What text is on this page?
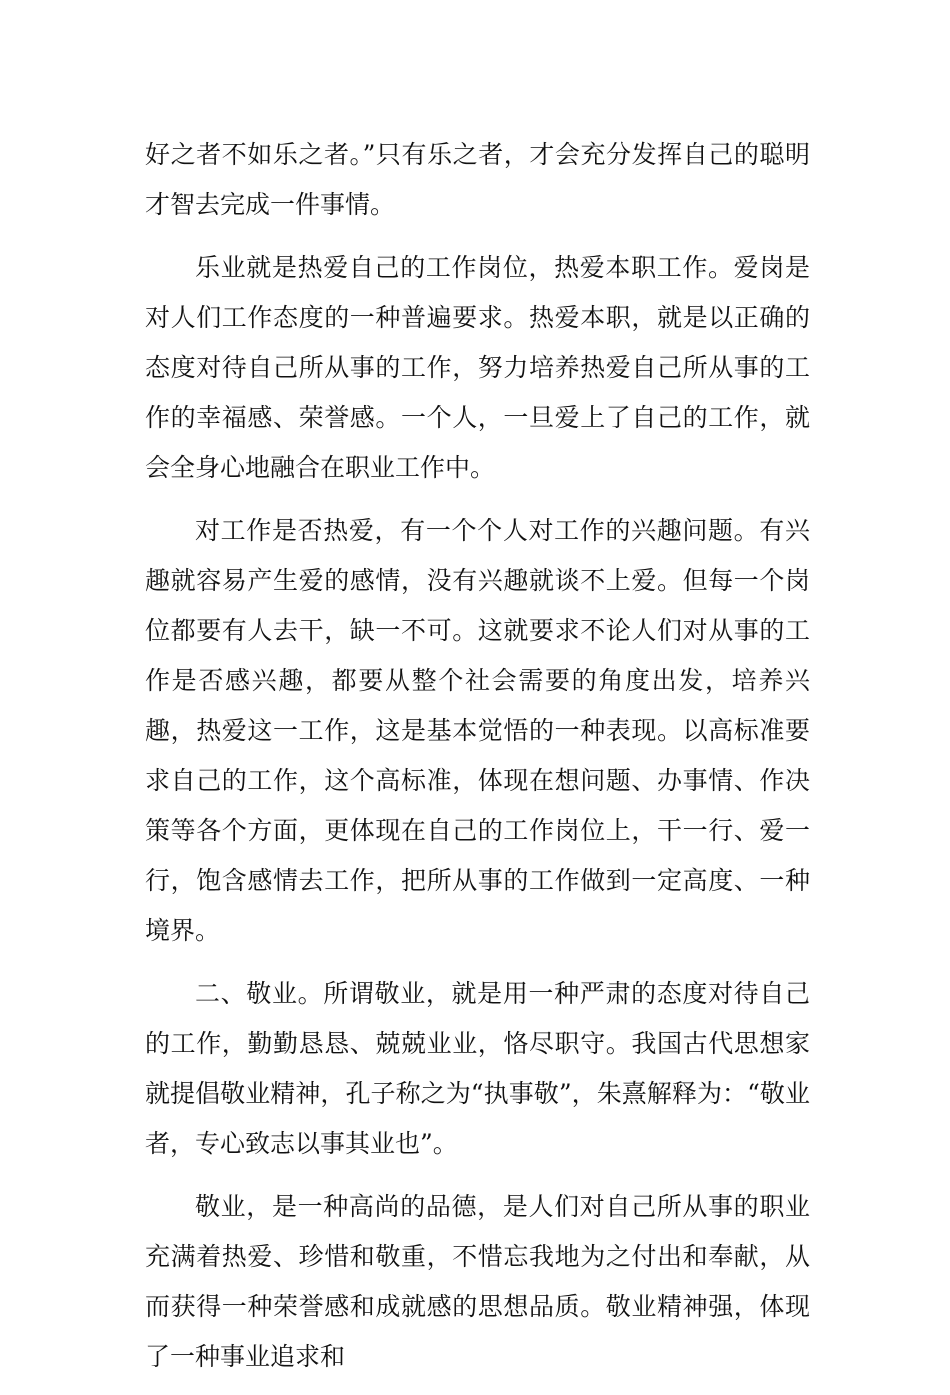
好之者不如乐之者。”只有乐之者，才会充分发挥自己的聪明才智去完成一件事情。

乐业就是热爱自己的工作岗位，热爱本职工作。爱岗是对人们工作态度的一种普遍要求。热爱本职，就是以正确的态度对待自己所从事的工作，努力培养热爱自己所从事的工作的幸福感、荣誉感。一个人，一旦爱上了自己的工作，就会全身心地融合在职业工作中。

对工作是否热爱，有一个个人对工作的兴趣问题。有兴趣就容易产生爱的感情，没有兴趣就谈不上爱。但每一个岗位都要有人去干，缺一不可。这就要求不论人们对从事的工作是否感兴趣，都要从整个社会需要的角度出发，培养兴趣，热爱这一工作，这是基本觉悟的一种表现。以高标准要求自己的工作，这个高标准，体现在想问题、办事情、作决策等各个方面，更体现在自己的工作岗位上，干一行、爱一行，饱含感情去工作，把所从事的工作做到一定高度、一种境界。

二、敬业。所谓敬业，就是用一种严肃的态度对待自己的工作，勤勤恳恳、兢兢业业，恪尽职守。我国古代思想家就提倡敬业精神，孔子称之为“执事敬”，朱熹解释为：“敬业者，专心致志以事其业也”。

敬业，是一种高尚的品德，是人们对自己所从事的职业充满着热爱、珍惜和敬重，不惜忘我地为之付出和奉献，从而获得一种荣誉感和成就感的思想品质。敬业精神强，体现了一种事业追求和
